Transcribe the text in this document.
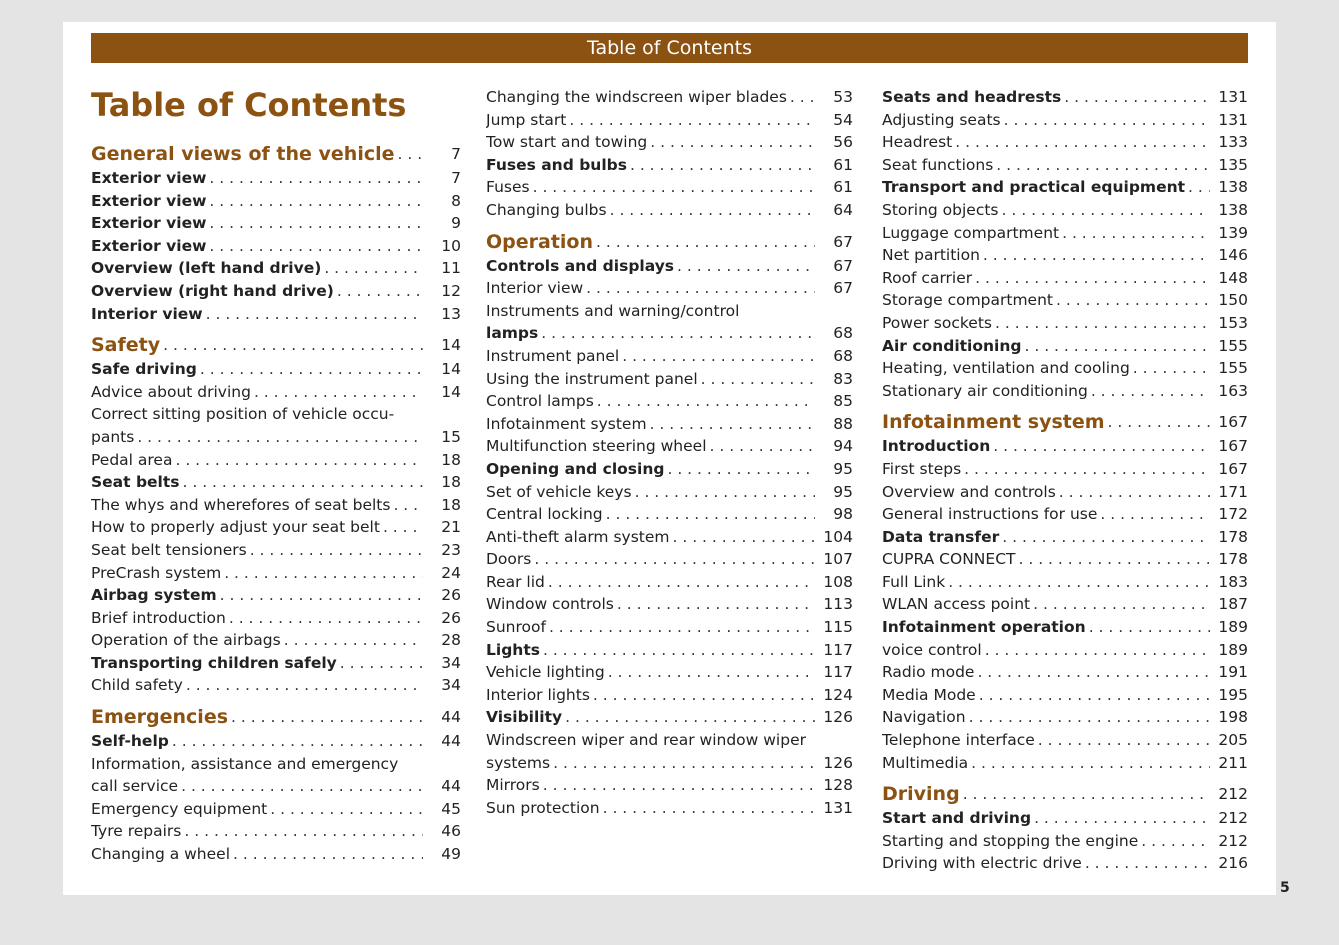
Table of Contents
Table of Contents
General views of the vehicle . . .	7
Exterior view . . .	7
Exterior view . . .	8
Exterior view . . .	9
Exterior view . . .	10
Overview (left hand drive) . . .	11
Overview (right hand drive) . . .	12
Interior view . . .	13
Safety . . .	14
Safe driving . . .	14
Advice about driving . . .	14
Correct sitting position of vehicle occu-
pants . . .	15
Pedal area . . .	18
Seat belts . . .	18
The whys and wherefores of seat belts . . .	18
How to properly adjust your seat belt . . .	21
Seat belt tensioners . . .	23
PreCrash system . . .	24
Airbag system . . .	26
Brief introduction . . .	26
Operation of the airbags . . .	28
Transporting children safely . . .	34
Child safety . . .	34
Emergencies . . .	44
Self-help . . .	44
Information, assistance and emergency
call service . . .	44
Emergency equipment . . .	45
Tyre repairs . . .	46
Changing a wheel . . .	49
Changing the windscreen wiper blades . . .	53
Jump start . . .	54
Tow start and towing . . .	56
Fuses and bulbs . . .	61
Fuses . . .	61
Changing bulbs . . .	64
Operation . . .	67
Controls and displays . . .	67
Interior view . . .	67
Instruments and warning/control
lamps . . .	68
Instrument panel . . .	68
Using the instrument panel . . .	83
Control lamps . . .	85
Infotainment system . . .	88
Multifunction steering wheel . . .	94
Opening and closing . . .	95
Set of vehicle keys . . .	95
Central locking . . .	98
Anti-theft alarm system . . .	104
Doors . . .	107
Rear lid . . .	108
Window controls . . .	113
Sunroof . . .	115
Lights . . .	117
Vehicle lighting . . .	117
Interior lights . . .	124
Visibility . . .	126
Windscreen wiper and rear window wiper
systems . . .	126
Mirrors . . .	128
Sun protection . . .	131
Seats and headrests . . .	131
Adjusting seats . . .	131
Headrest . . .	133
Seat functions . . .	135
Transport and practical equipment . . .	138
Storing objects . . .	138
Luggage compartment . . .	139
Net partition . . .	146
Roof carrier . . .	148
Storage compartment . . .	150
Power sockets . . .	153
Air conditioning . . .	155
Heating, ventilation and cooling . . .	155
Stationary air conditioning . . .	163
Infotainment system . . .	167
Introduction . . .	167
First steps . . .	167
Overview and controls . . .	171
General instructions for use . . .	172
Data transfer . . .	178
CUPRA CONNECT . . .	178
Full Link . . .	183
WLAN access point . . .	187
Infotainment operation . . .	189
voice control . . .	189
Radio mode . . .	191
Media Mode . . .	195
Navigation . . .	198
Telephone interface . . .	205
Multimedia . . .	211
Driving . . .	212
Start and driving . . .	212
Starting and stopping the engine . . .	212
Driving with electric drive . . .	216
5
